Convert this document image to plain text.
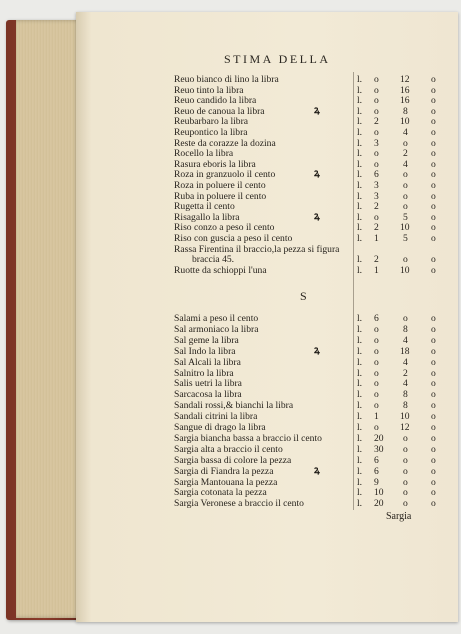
STIMA DELLA
S
Sargia
Reuo bianco di lino la libra	l. o 12 o
Reuo tinto la libra	l. o 16 o
Reuo candido la libra	l. o 16 o
Reuo de canoua la libra	l. o	8 o
ꝝ
Reubarbaro la libra	l. 2 10 o
Reupontico la libra	l. o	4 o
Reste da corazze la dozina	l. 3	o o
Rocello la libra	l. o	2 o
Rasura eboris la libra	l. o	4 o
Roza in granzuolo il cento	l. 6	o o
ꝝ
Roza in poluere il cento	l. 3	o o
Ruba in poluere il cento	l. 3	o o
Rugetta il cento	l. 2	o o
Risagallo la libra	l. o	5 o
ꝝ
Riso conzo a peso il cento	l. 2 10 o
Riso con guscia a peso il cento	l. 1	5 o
Rassa Firentina il braccio,la pezza si figura
braccia 45.	l. 2	o o
Ruotte da schioppi l'una	l. 1 10 o
Salami a peso il cento	l. 6	o o
Sal armoniaco la libra	l. o	8 o
Sal geme la libra	l. o	4 o
Sal Indo la libra	l. o 18 o
ꝝ
Sal Alcali la libra	l. o	4 o
Salnitro la libra	l. o	2 o
Salis uetri la libra	l. o	4 o
Sarcacosa la libra	l. o	8 o
Sandali rossi,& bianchi la libra	l. o	8 o
Sandali citrini la libra	l. 1 10 o
Sangue di drago la libra	l. o 12 o
Sargia biancha bassa a braccio il cento	l. 20 o o
Sargia alta a braccio il cento	l. 30 o o
Sargia bassa di colore la pezza	l. 6	o o
Sargia di Fiandra la pezza	l. 6	o o
ꝝ
Sargia Mantouana la pezza	l. 9	o o
Sargia cotonata la pezza	l. 10 o o
Sargia Veronese a braccio il cento	l. 20 o o
